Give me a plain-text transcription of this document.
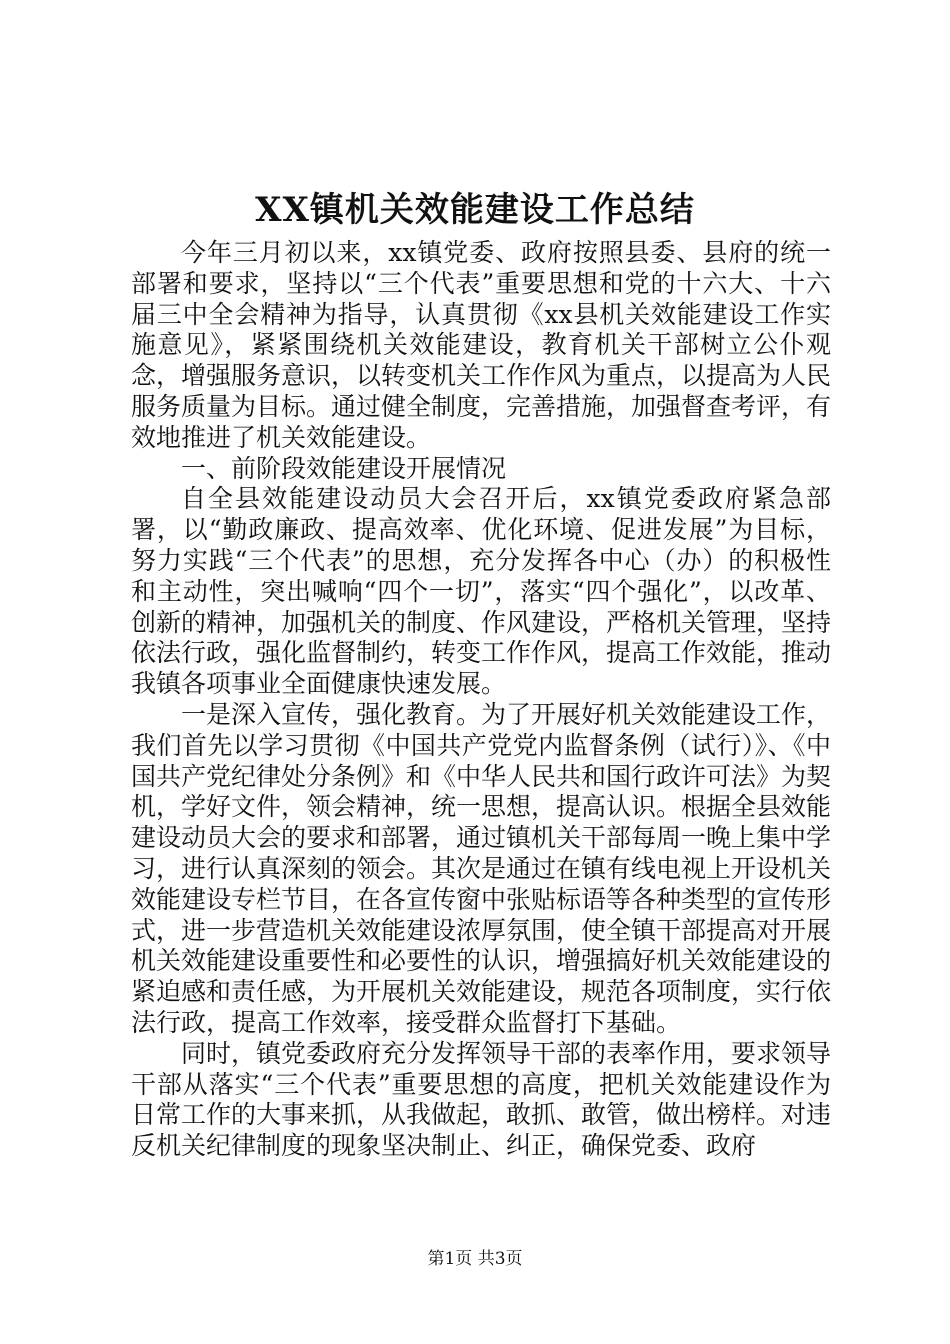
XX镇机关效能建设工作总结

今年三月初以来，xx镇党委、政府按照县委、县府的统一部署和要求，坚持以“三个代表”重要思想和党的十六大、十六届三中全会精神为指导，认真贯彻《xx县机关效能建设工作实施意见》，紧紧围绕机关效能建设，教育机关干部树立公仆观念，增强服务意识，以转变机关工作作风为重点，以提高为人民服务质量为目标。通过健全制度，完善措施，加强督查考评，有效地推进了机关效能建设。

一、前阶段效能建设开展情况

自全县效能建设动员大会召开后，xx镇党委政府紧急部署，以“勤政廉政、提高效率、优化环境、促进发展”为目标，努力实践“三个代表”的思想，充分发挥各中心（办）的积极性和主动性，突出喊响“四个一切”，落实“四个强化”，以改革、创新的精神，加强机关的制度、作风建设，严格机关管理，坚持依法行政，强化监督制约，转变工作作风，提高工作效能，推动我镇各项事业全面健康快速发展。

一是深入宣传，强化教育。为了开展好机关效能建设工作，我们首先以学习贯彻《中国共产党党内监督条例（试行）》、《中国共产党纪律处分条例》和《中华人民共和国行政许可法》为契机，学好文件，领会精神，统一思想，提高认识。根据全县效能建设动员大会的要求和部署，通过镇机关干部每周一晚上集中学习，进行认真深刻的领会。其次是通过在镇有线电视上开设机关效能建设专栏节目，在各宣传窗中张贴标语等各种类型的宣传形式，进一步营造机关效能建设浓厚氛围，使全镇干部提高对开展机关效能建设重要性和必要性的认识，增强搞好机关效能建设的紧迫感和责任感，为开展机关效能建设，规范各项制度，实行依法行政，提高工作效率，接受群众监督打下基础。

同时，镇党委政府充分发挥领导干部的表率作用，要求领导干部从落实“三个代表”重要思想的高度，把机关效能建设作为日常工作的大事来抓，从我做起，敢抓、敢管，做出榜样。对违反机关纪律制度的现象坚决制止、纠正，确保党委、政府

第1页 共3页
